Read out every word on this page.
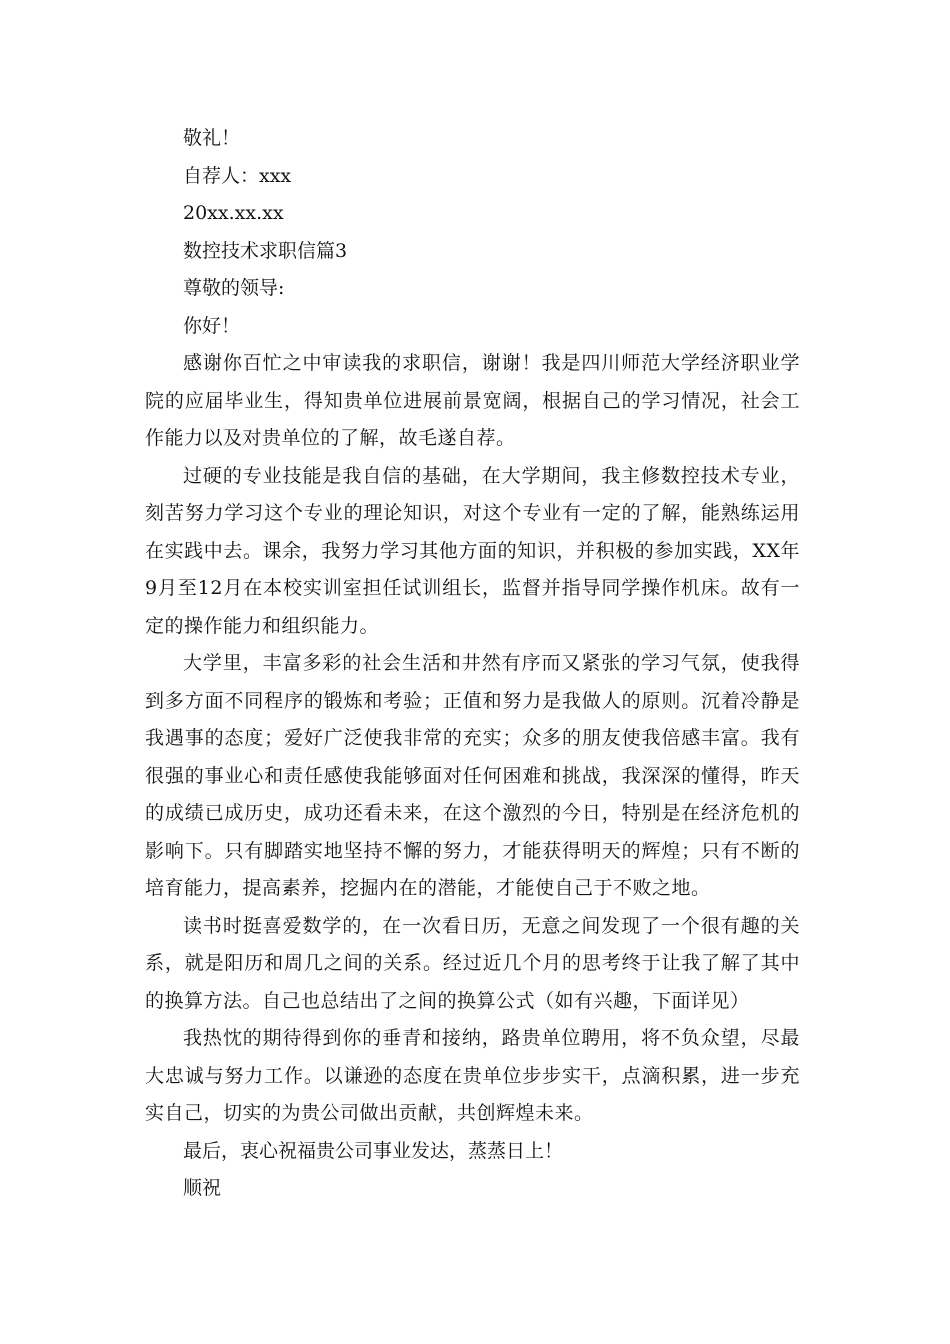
敬礼！

自荐人：xxx

20xx.xx.xx

数控技术求职信篇3

尊敬的领导:

你好！

感谢你百忙之中审读我的求职信，谢谢！我是四川师范大学经济职业学院的应届毕业生，得知贵单位进展前景宽阔，根据自己的学习情况，社会工作能力以及对贵单位的了解，故毛遂自荐。

过硬的专业技能是我自信的基础，在大学期间，我主修数控技术专业，刻苦努力学习这个专业的理论知识，对这个专业有一定的了解，能熟练运用在实践中去。课余，我努力学习其他方面的知识，并积极的参加实践，XX年9月至12月在本校实训室担任试训组长，监督并指导同学操作机床。故有一定的操作能力和组织能力。

大学里，丰富多彩的社会生活和井然有序而又紧张的学习气氛，使我得到多方面不同程序的锻炼和考验；正值和努力是我做人的原则。沉着冷静是我遇事的态度；爱好广泛使我非常的充实；众多的朋友使我倍感丰富。我有很强的事业心和责任感使我能够面对任何困难和挑战，我深深的懂得，昨天的成绩已成历史，成功还看未来，在这个激烈的今日，特别是在经济危机的影响下。只有脚踏实地坚持不懈的努力，才能获得明天的辉煌；只有不断的培育能力，提高素养，挖掘内在的潜能，才能使自己于不败之地。

读书时挺喜爱数学的，在一次看日历，无意之间发现了一个很有趣的关系，就是阳历和周几之间的关系。经过近几个月的思考终于让我了解了其中的换算方法。自己也总结出了之间的换算公式（如有兴趣，下面详见）

我热忱的期待得到你的垂青和接纳，路贵单位聘用，将不负众望，尽最大忠诚与努力工作。以谦逊的态度在贵单位步步实干，点滴积累，进一步充实自己，切实的为贵公司做出贡献，共创辉煌未来。

最后，衷心祝福贵公司事业发达，蒸蒸日上！

顺祝
